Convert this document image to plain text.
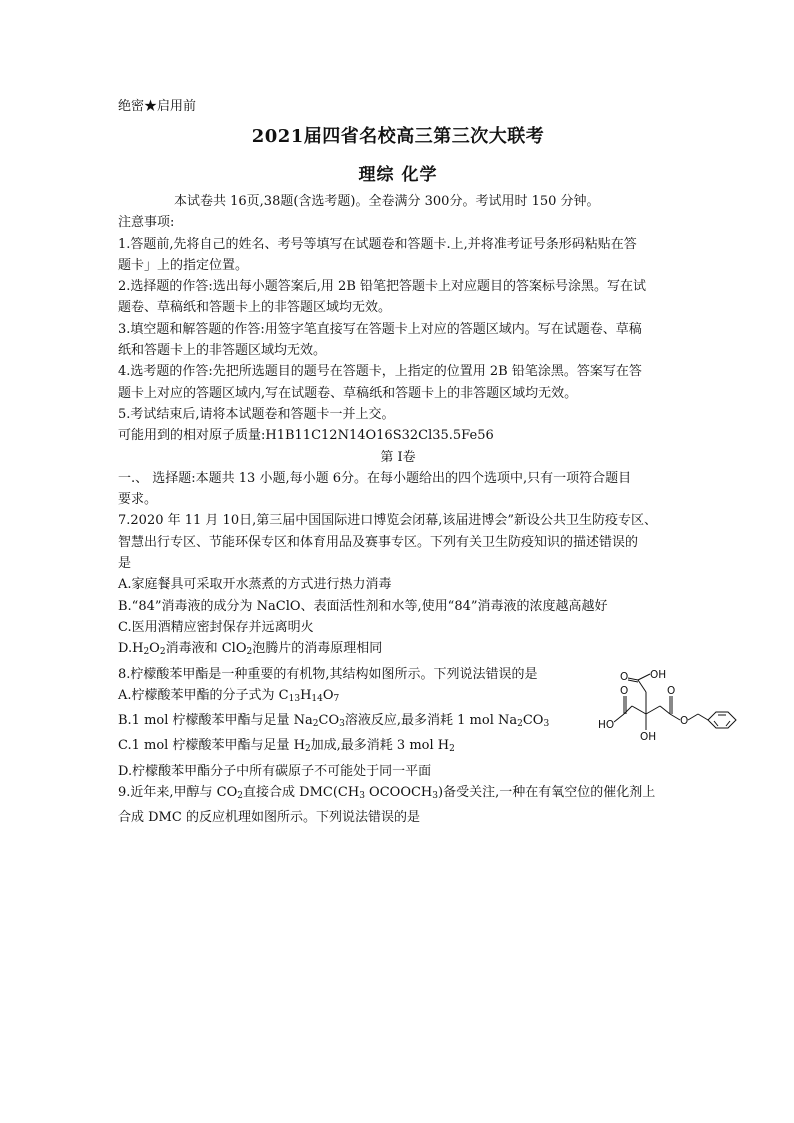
绝密★启用前
2021届四省名校高三第三次大联考
理综 化学
本试卷共 16页,38题(含选考题)。全卷满分 300分。考试用时 150 分钟。
注意事项:
1.答题前,先将自己的姓名、考号等填写在试题卷和答题卡.上,并将准考证号条形码粘贴在答
题卡」上的指定位置。
2.选择题的作答:选出每小题答案后,用 2B 铅笔把答题卡上对应题目的答案标号涂黑。写在试
题卷、草稿纸和答题卡上的非答题区域均无效。
3.填空题和解答题的作答:用签字笔直接写在答题卡上对应的答题区域内。写在试题卷、草稿
纸和答题卡上的非答题区域均无效。
4.选考题的作答:先把所选题目的题号在答题卡，上指定的位置用 2B 铅笔涂黑。答案写在答
题卡上对应的答题区域内,写在试题卷、草稿纸和答题卡上的非答题区域均无效。
5.考试结束后,请将本试题卷和答题卡一并上交。
可能用到的相对原子质量:H1B11C12N14O16S32Cl35.5Fe56
第 I卷
一.、 选择题:本题共 13 小题,每小题 6分。在每小题给出的四个选项中,只有一项符合题目
要求。
7.2020 年 11 月 10日,第三届中国国际进口博览会闭幕,该届进博会”新设公共卫生防疫专区、
智慧出行专区、节能环保专区和体育用品及赛事专区。下列有关卫生防疫知识的描述错误的
是
A.家庭餐具可采取开水蒸煮的方式进行热力消毒
B.“84”消毒液的成分为 NaClO、表面活性剂和水等,使用“84”消毒液的浓度越高越好
C.医用酒精应密封保存并远离明火
$D.H_2O_2$消毒液和 ClO$_2$泡腾片的消毒原理相同
8.柠檬酸苯甲酯是一种重要的有机物,其结构如图所示。下列说法错误的是
A.柠檬酸苯甲酯的分子式为 $C_{13}H_{14}O_7$
B.1 mol 柠檬酸苯甲酯与足量 $Na_2CO_3$溶液反应,最多消耗 1 mol $Na_2CO_3$
C.1 mol 柠檬酸苯甲酯与足量 $H_2$加成,最多消耗 3 mol $H_2$
D.柠檬酸苯甲酯分子中所有碳原子不可能处于同一平面
OH
O
O	O
HO
OH
O
9.近年来,甲醇与 $CO_2$直接合成 $DMC(CH_3$ $OCOOCH_3$)备受关注,一种在有氧空位的催化剂上
合成 DMC 的反应机理如图所示。下列说法错误的是
